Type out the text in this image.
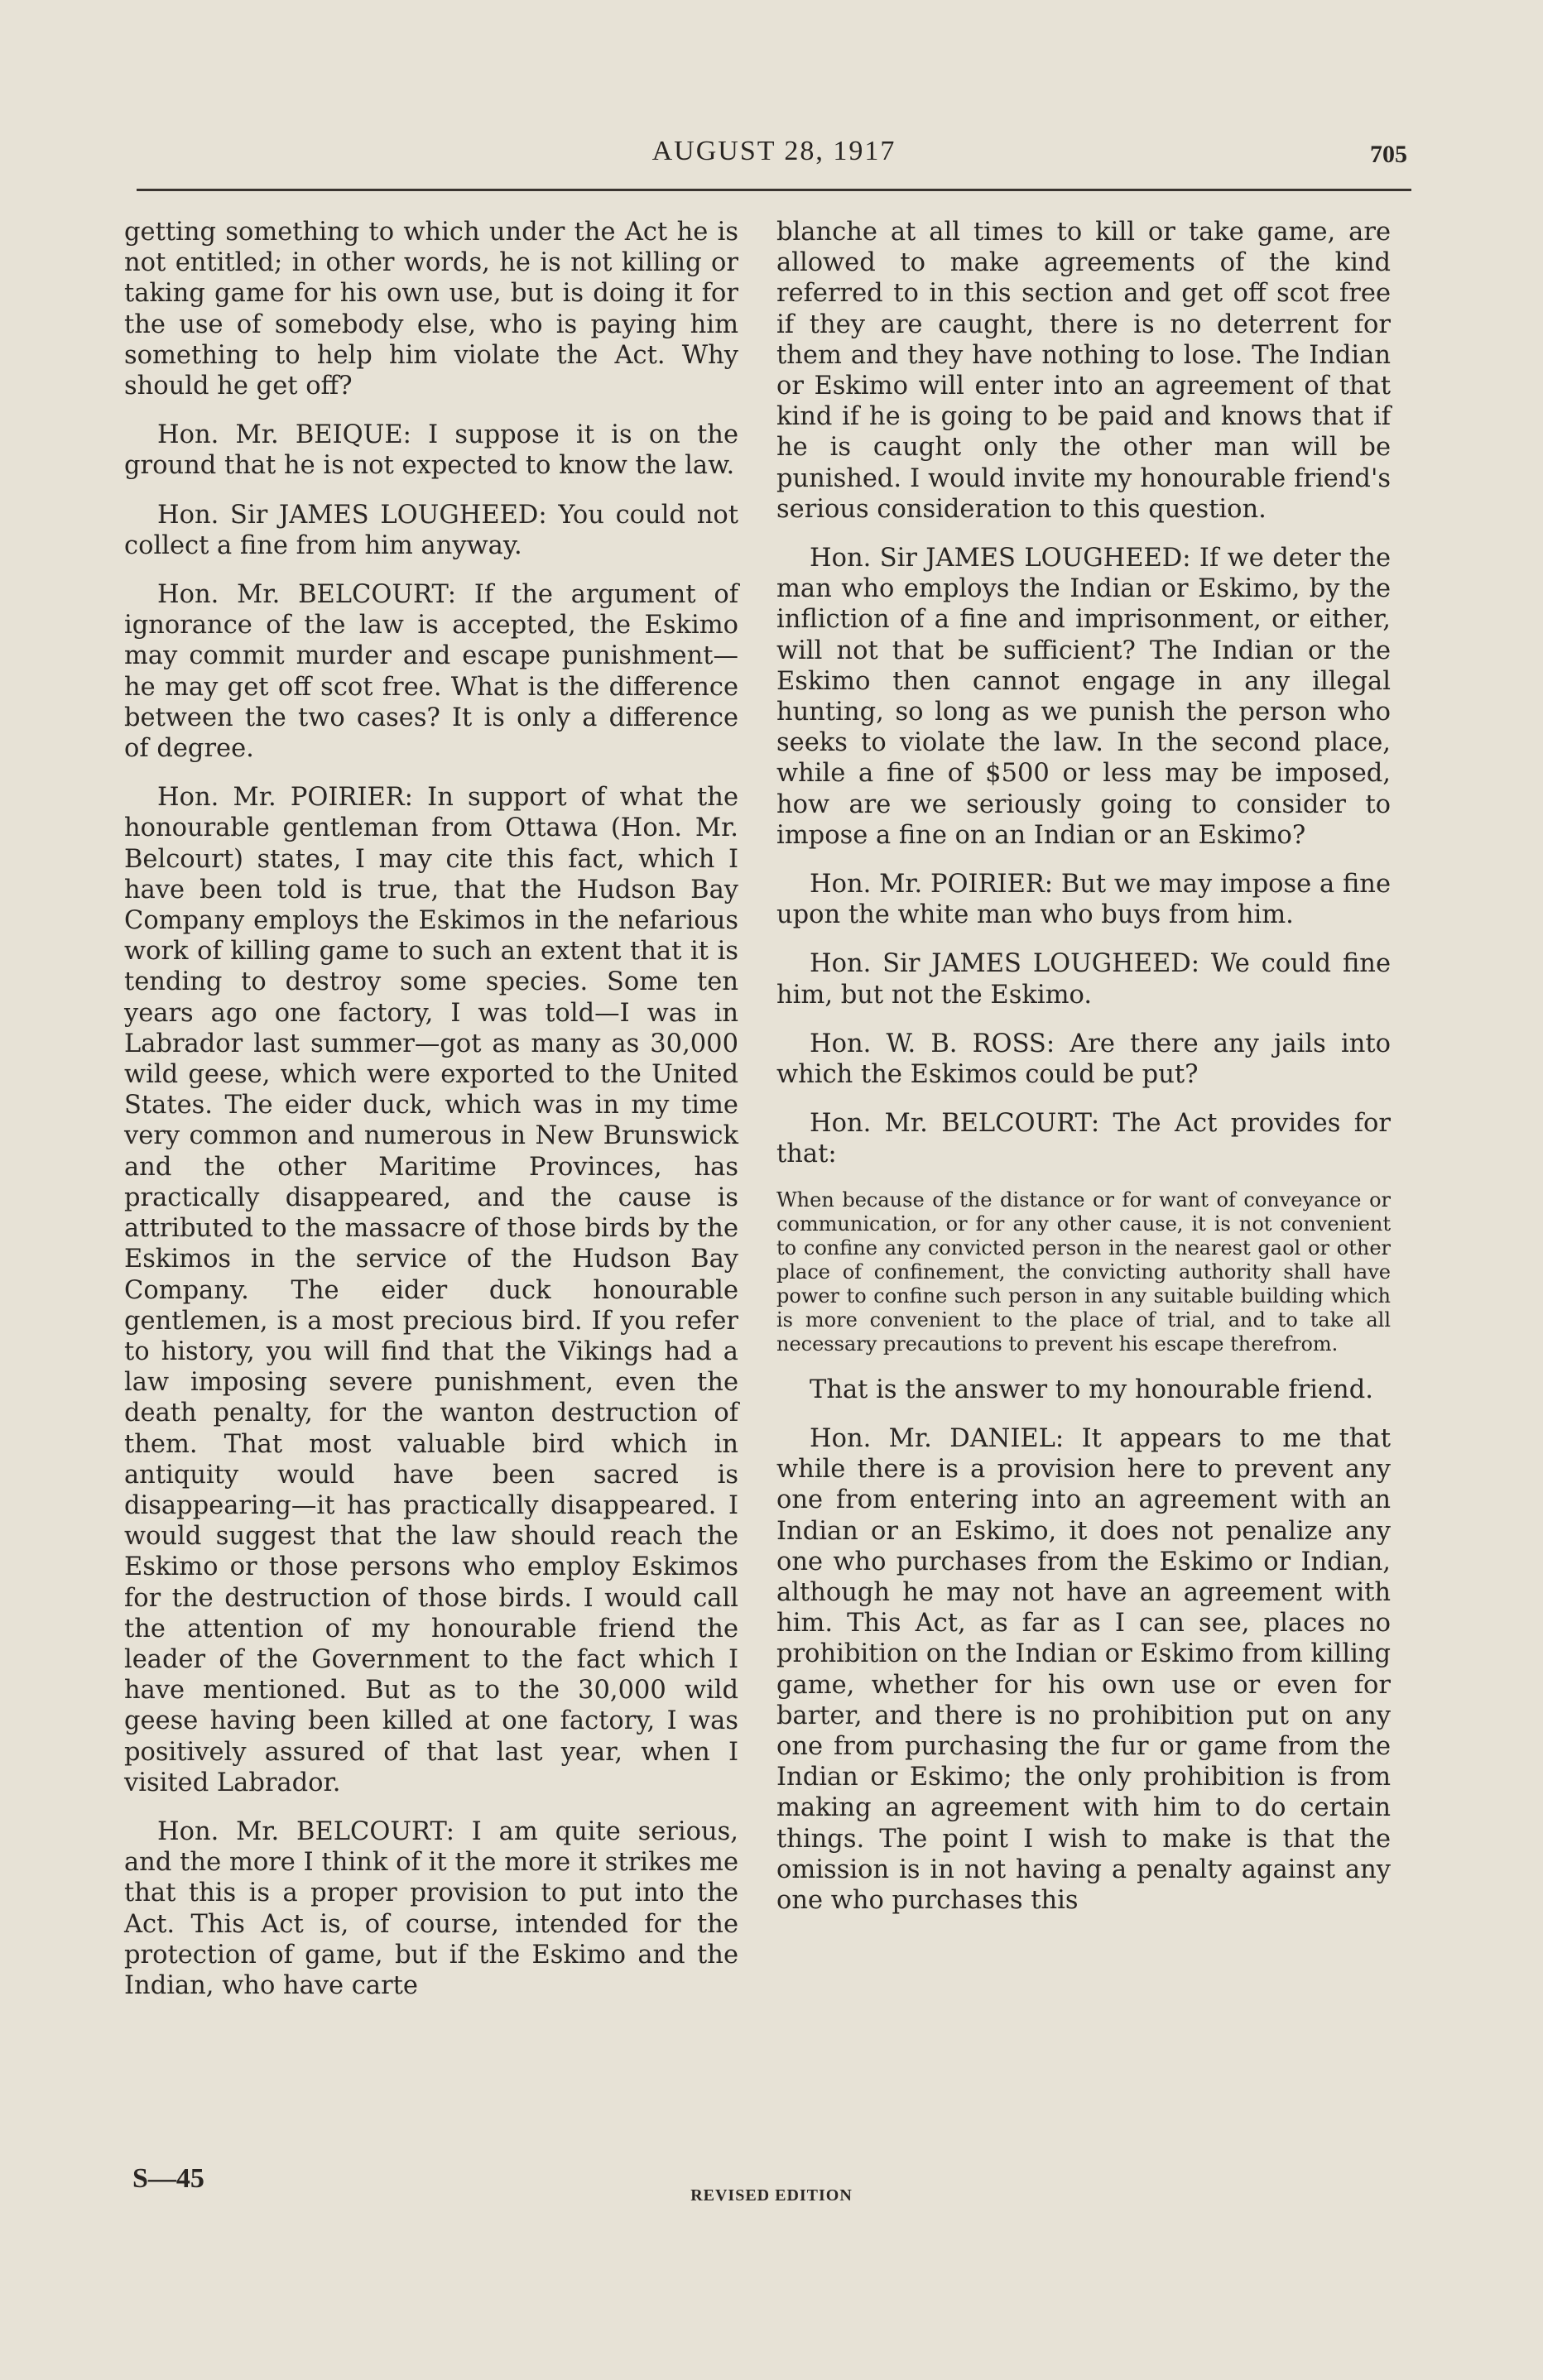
AUGUST 28, 1917	705

getting something to which under the Act he is not entitled; in other words, he is not killing or taking game for his own use, but is doing it for the use of somebody else, who is paying him something to help him violate the Act. Why should he get off?

Hon. Mr. BEIQUE: I suppose it is on the ground that he is not expected to know the law.

Hon. Sir JAMES LOUGHEED: You could not collect a fine from him anyway.

Hon. Mr. BELCOURT: If the argument of ignorance of the law is accepted, the Eskimo may commit murder and escape punishment—he may get off scot free. What is the difference between the two cases? It is only a difference of degree.

Hon. Mr. POIRIER: In support of what the honourable gentleman from Ottawa (Hon. Mr. Belcourt) states, I may cite this fact, which I have been told is true, that the Hudson Bay Company employs the Eskimos in the nefarious work of killing game to such an extent that it is tending to destroy some species. Some ten years ago one factory, I was told—I was in Labrador last summer—got as many as 30,000 wild geese, which were exported to the United States. The eider duck, which was in my time very common and numerous in New Brunswick and the other Maritime Provinces, has practically disappeared, and the cause is attributed to the massacre of those birds by the Eskimos in the service of the Hudson Bay Company. The eider duck honourable gentlemen, is a most precious bird. If you refer to history, you will find that the Vikings had a law imposing severe punishment, even the death penalty, for the wanton destruction of them. That most valuable bird which in antiquity would have been sacred is disappearing—it has practically disappeared. I would suggest that the law should reach the Eskimo or those persons who employ Eskimos for the destruction of those birds. I would call the attention of my honourable friend the leader of the Government to the fact which I have mentioned. But as to the 30,000 wild geese having been killed at one factory, I was positively assured of that last year, when I visited Labrador.

Hon. Mr. BELCOURT: I am quite serious, and the more I think of it the more it strikes me that this is a proper provision to put into the Act. This Act is, of course, intended for the protection of game, but if the Eskimo and the Indian, who have carte

blanche at all times to kill or take game, are allowed to make agreements of the kind referred to in this section and get off scot free if they are caught, there is no deterrent for them and they have nothing to lose. The Indian or Eskimo will enter into an agreement of that kind if he is going to be paid and knows that if he is caught only the other man will be punished. I would invite my honourable friend's serious consideration to this question.

Hon. Sir JAMES LOUGHEED: If we deter the man who employs the Indian or Eskimo, by the infliction of a fine and imprisonment, or either, will not that be sufficient? The Indian or the Eskimo then cannot engage in any illegal hunting, so long as we punish the person who seeks to violate the law. In the second place, while a fine of $500 or less may be imposed, how are we seriously going to consider to impose a fine on an Indian or an Eskimo?

Hon. Mr. POIRIER: But we may impose a fine upon the white man who buys from him.

Hon. Sir JAMES LOUGHEED: We could fine him, but not the Eskimo.

Hon. W. B. ROSS: Are there any jails into which the Eskimos could be put?

Hon. Mr. BELCOURT: The Act provides for that:

When because of the distance or for want of conveyance or communication, or for any other cause, it is not convenient to confine any convicted person in the nearest gaol or other place of confinement, the convicting authority shall have power to confine such person in any suitable building which is more convenient to the place of trial, and to take all necessary precautions to prevent his escape therefrom.

That is the answer to my honourable friend.

Hon. Mr. DANIEL: It appears to me that while there is a provision here to prevent any one from entering into an agreement with an Indian or an Eskimo, it does not penalize any one who purchases from the Eskimo or Indian, although he may not have an agreement with him. This Act, as far as I can see, places no prohibition on the Indian or Eskimo from killing game, whether for his own use or even for barter, and there is no prohibition put on any one from purchasing the fur or game from the Indian or Eskimo; the only prohibition is from making an agreement with him to do certain things. The point I wish to make is that the omission is in not having a penalty against any one who purchases this

S—45
REVISED EDITION
